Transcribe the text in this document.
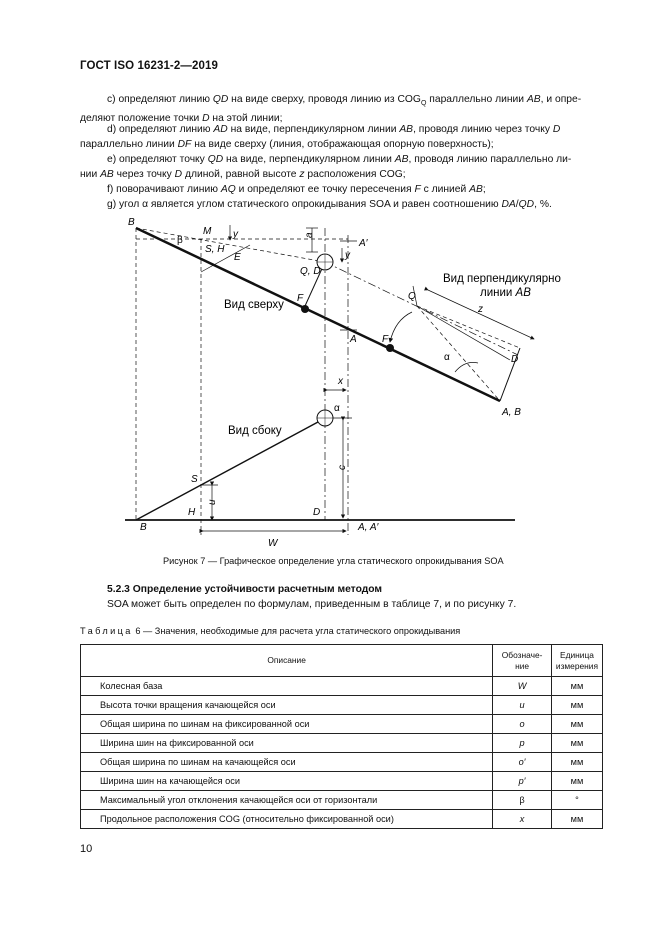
ГОСТ ISO 16231-2—2019
c) определяют линию QD на виде сверху, проводя линию из $COG_Q$ параллельно линии AB, и опре-
деляют положение точки D на этой линии;
d) определяют линию AD на виде, перпендикулярном линии AB, проводя линию через точку D
параллельно линии DF на виде сверху (линия, отображающая опорную поверхность);
e) определяют точку QD на виде, перпендикулярном линии AB, проводя линию параллельно ли-
нии AB через точку D длиной, равной высоте z расположения COG;
f) поворачивают линию AQ и определяют ее точку пересечения F с линией AB;
g) угол α является углом статического опрокидывания SOA и равен соотношению DA/QD, %.
B
M
β
y	a
A′
S, H
E	y
Q, D
Вид перпендикулярно
линии AB
Q
z
F
Вид сверху
A	F
α	D
A, B
x
α
Вид сбоку
c
S
u
B
H	D
A, A′
W
Рисунок 7 — Графическое определение угла статического опрокидывания SOA
5.2.3 Определение устойчивости расчетным методом
SOA может быть определен по формулам, приведенным в таблице 7, и по рисунку 7.
Таблица 6 — Значения, необходимые для расчета угла статического опрокидывания
Описание	Обозначе-
ние	Единица
измерения
Колесная база	W	мм
Высота точки вращения качающейся оси	u	мм
Общая ширина по шинам на фиксированной оси	o	мм
Ширина шин на фиксированной оси	p	мм
Общая ширина по шинам на качающейся оси	o′	мм
Ширина шин на качающейся оси	p′	мм
Максимальный угол отклонения качающейся оси от горизонтали	β	°
Продольное расположения COG (относительно фиксированной оси)	x	мм
10
